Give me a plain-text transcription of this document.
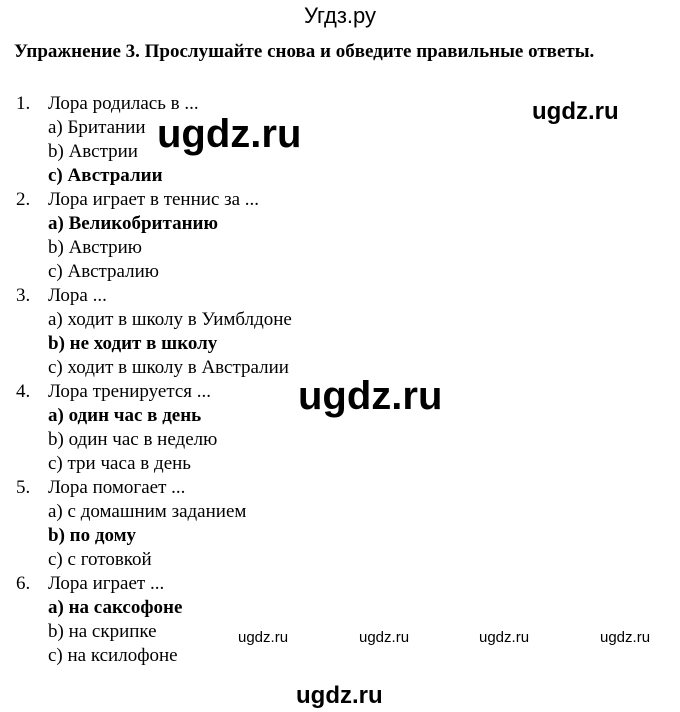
Угдз.ру
Упражнение 3. Прослушайте снова и обведите правильные ответы.
1. Лора родилась в ...
a) Британии
b) Австрии
c) Австралии
2. Лора играет в теннис за ...
a) Великобританию
b) Австрию
c) Австралию
3. Лора ...
a) ходит в школу в Уимблдоне
b) не ходит в школу
c) ходит в школу в Австралии
4. Лора тренируется ...
a) один час в день
b) один час в неделю
c) три часа в день
5. Лора помогает ...
a) с домашним заданием
b) по дому
c) с готовкой
6. Лора играет ...
a) на саксофоне
b) на скрипке
c) на ксилофоне
ugdz.ru
ugdz.ru
ugdz.ru
ugdz.ru	ugdz.ru	ugdz.ru	ugdz.ru
ugdz.ru
